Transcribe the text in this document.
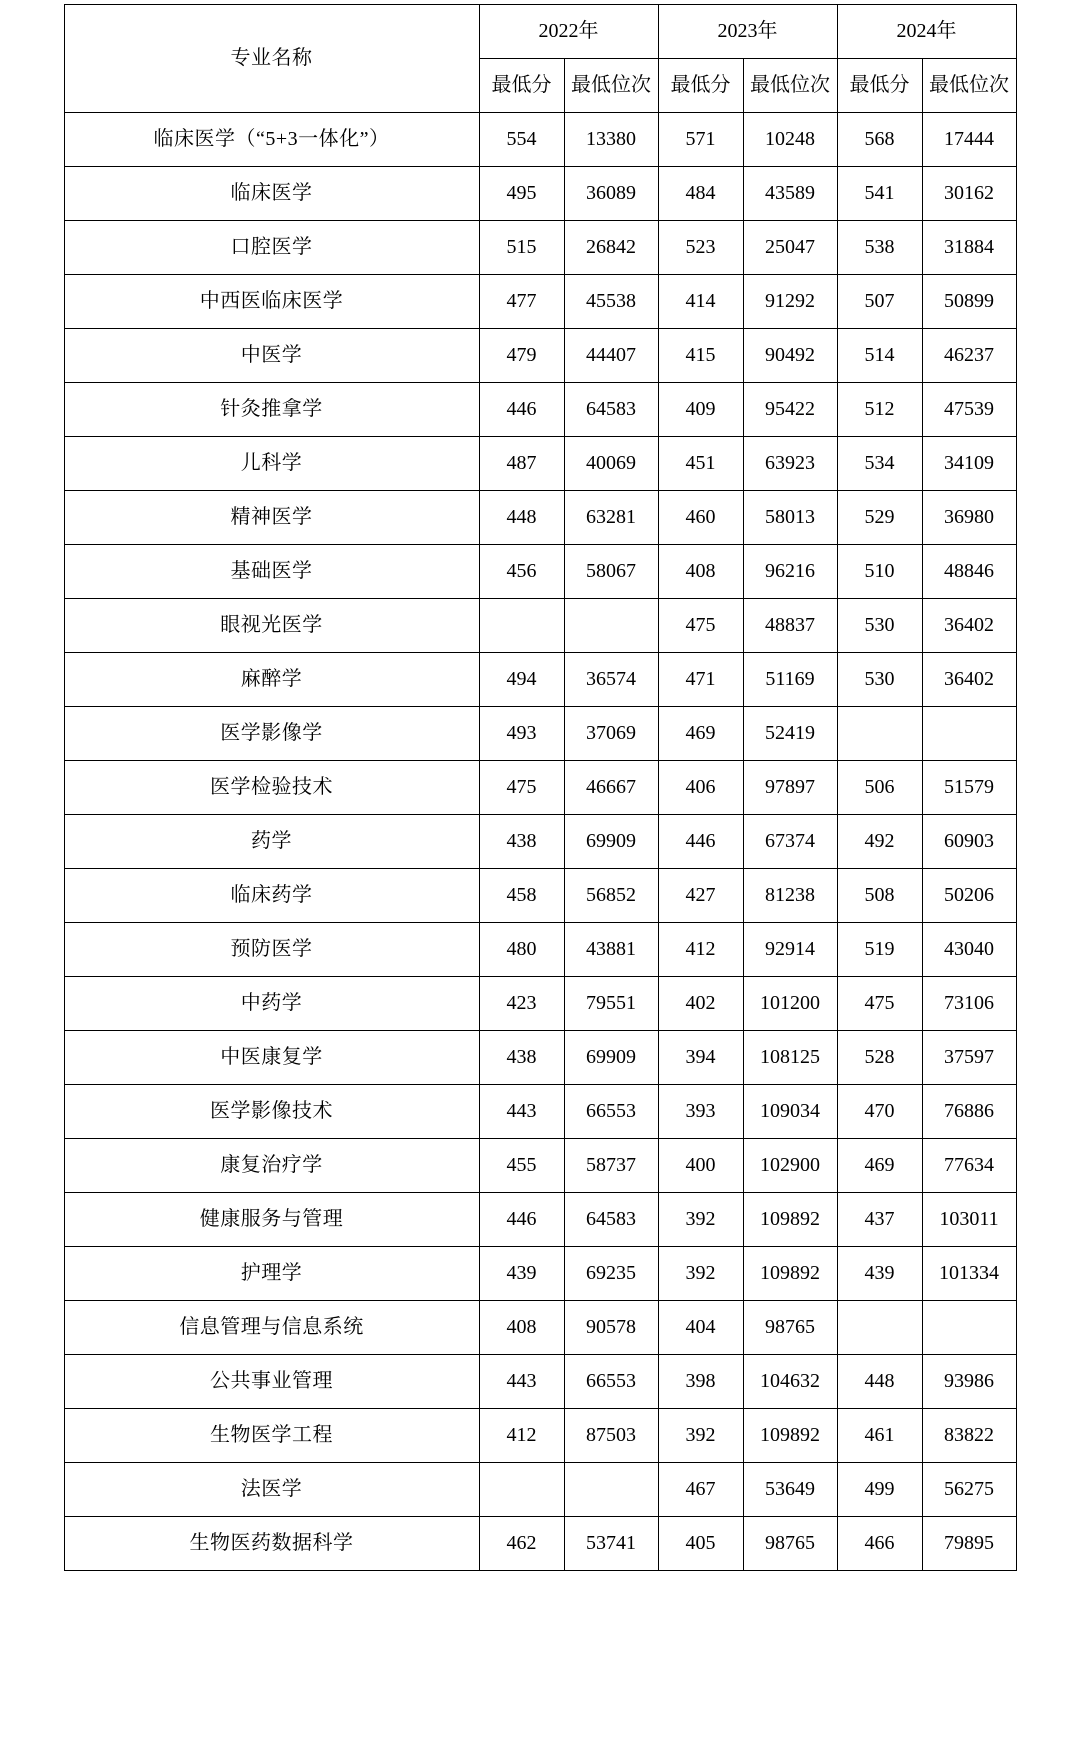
专业名称	2022年		2023年		2024年	
	最低分	最低位次	最低分	最低位次	最低分	最低位次
临床医学（“5+3一体化”）	554	13380	571	10248	568	17444
临床医学	495	36089	484	43589	541	30162
口腔医学	515	26842	523	25047	538	31884
中西医临床医学	477	45538	414	91292	507	50899
中医学	479	44407	415	90492	514	46237
针灸推拿学	446	64583	409	95422	512	47539
儿科学	487	40069	451	63923	534	34109
精神医学	448	63281	460	58013	529	36980
基础医学	456	58067	408	96216	510	48846
眼视光医学			475	48837	530	36402
麻醉学	494	36574	471	51169	530	36402
医学影像学	493	37069	469	52419		
医学检验技术	475	46667	406	97897	506	51579
药学	438	69909	446	67374	492	60903
临床药学	458	56852	427	81238	508	50206
预防医学	480	43881	412	92914	519	43040
中药学	423	79551	402	101200	475	73106
中医康复学	438	69909	394	108125	528	37597
医学影像技术	443	66553	393	109034	470	76886
康复治疗学	455	58737	400	102900	469	77634
健康服务与管理	446	64583	392	109892	437	103011
护理学	439	69235	392	109892	439	101334
信息管理与信息系统	408	90578	404	98765		
公共事业管理	443	66553	398	104632	448	93986
生物医学工程	412	87503	392	109892	461	83822
法医学			467	53649	499	56275
生物医药数据科学	462	53741	405	98765	466	79895
